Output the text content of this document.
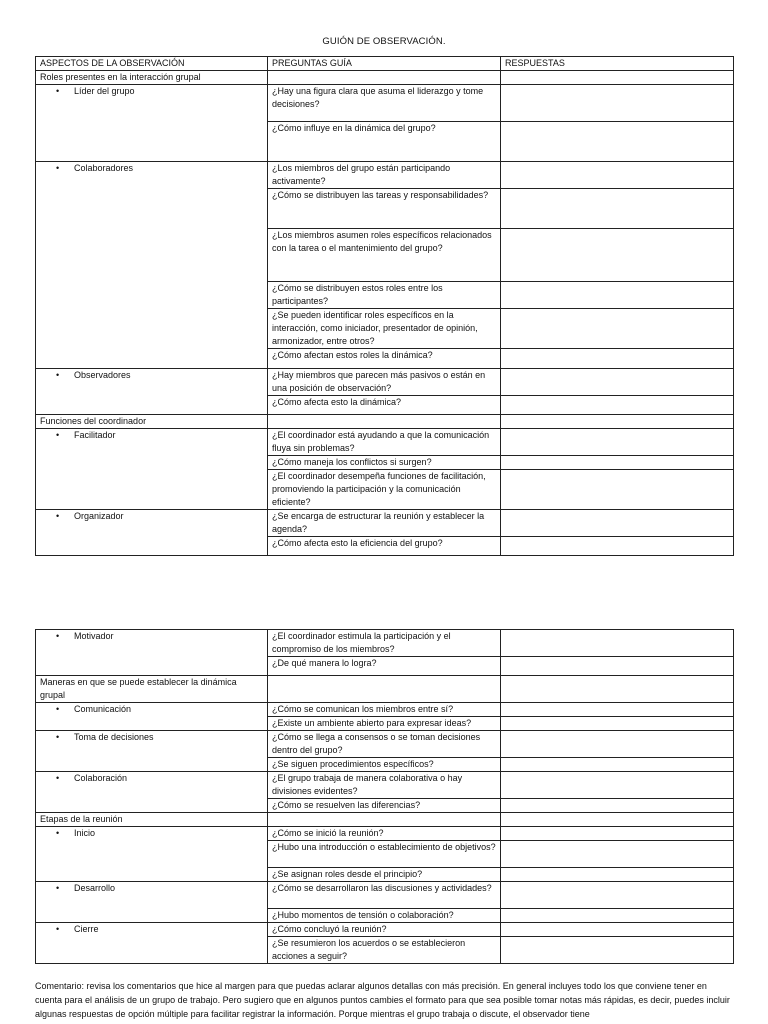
GUIÓN DE OBSERVACIÓN.
ASPECTOS DE LA OBSERVACIÓN	PREGUNTAS GUÍA	RESPUESTAS
Roles presentes en la interacción grupal		
• Líder del grupo	¿Hay una figura clara que asuma el liderazgo y tome decisiones?	
	¿Cómo influye en la dinámica del grupo?	
• Colaboradores	¿Los miembros del grupo están participando activamente?	
	¿Cómo se distribuyen las tareas y responsabilidades?	
	¿Los miembros asumen roles específicos relacionados con la tarea o el mantenimiento del grupo?	
	¿Cómo se distribuyen estos roles entre los participantes?	
	¿Se pueden identificar roles específicos en la interacción, como iniciador, presentador de opinión, armonizador, entre otros?	
	¿Cómo afectan estos roles la dinámica?	
• Observadores	¿Hay miembros que parecen más pasivos o están en una posición de observación?	
	¿Cómo afecta esto la dinámica?	
Funciones del coordinador		
• Facilitador	¿El coordinador está ayudando a que la comunicación fluya sin problemas?	
	¿Cómo maneja los conflictos si surgen?	
	¿El coordinador desempeña funciones de facilitación, promoviendo la participación y la comunicación eficiente?	
• Organizador	¿Se encarga de estructurar la reunión y establecer la agenda?	
	¿Cómo afecta esto la eficiencia del grupo?	
• Motivador	¿El coordinador estimula la participación y el compromiso de los miembros?	
	¿De qué manera lo logra?	
Maneras en que se puede establecer la dinámica grupal		
• Comunicación	¿Cómo se comunican los miembros entre sí?	
	¿Existe un ambiente abierto para expresar ideas?	
• Toma de decisiones	¿Cómo se llega a consensos o se toman decisiones dentro del grupo?	
	¿Se siguen procedimientos específicos?	
• Colaboración	¿El grupo trabaja de manera colaborativa o hay divisiones evidentes?	
	¿Cómo se resuelven las diferencias?	
Etapas de la reunión		
• Inicio	¿Cómo se inició la reunión?	
	¿Hubo una introducción o establecimiento de objetivos?	
	¿Se asignan roles desde el principio?	
• Desarrollo	¿Cómo se desarrollaron las discusiones y actividades?	
	¿Hubo momentos de tensión o colaboración?	
• Cierre	¿Cómo concluyó la reunión?	
	¿Se resumieron los acuerdos o se establecieron acciones a seguir?	
Comentario: revisa los comentarios que hice al margen para que puedas aclarar algunos detallas con más precisión. En general incluyes todo los que conviene tener en cuenta para el análisis de un grupo de trabajo. Pero sugiero que en algunos puntos cambies el formato para que sea posible tomar notas más rápidas, es decir, puedes incluir algunas respuestas de opción múltiple para facilitar registrar la información. Porque mientras el grupo trabaja o discute, el observador tiene
